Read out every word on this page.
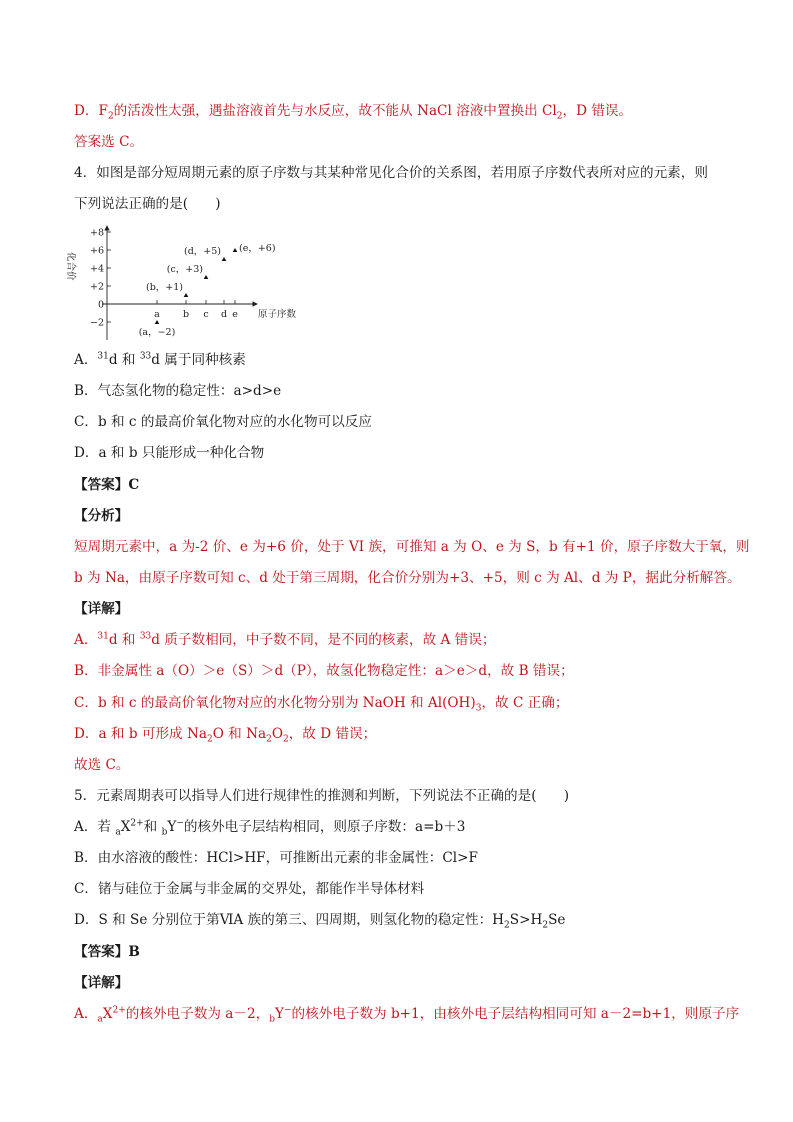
D．$F_2$的活泼性太强，遇盐溶液首先与水反应，故不能从 NaCl 溶液中置换出 $Cl_2$，D 错误。
答案选 C。
4．如图是部分短周期元素的原子序数与其某种常见化合价的关系图，若用原子序数代表所对应的元素，则
下列说法正确的是(　　)
化合价
+8
+6
+4
+2
0
−2
a b c d e
(a，−2)
(b，+1)
(c，+3)
(d，+5) (e，+6)
原子序数
A．$^{31}$d 和 $^{33}$d 属于同种核素
B．气态氢化物的稳定性：a>d>e
C．b 和 c 的最高价氧化物对应的水化物可以反应
D．a 和 b 只能形成一种化合物
【答案】C
【分析】
短周期元素中，a 为-2 价、e 为+6 价，处于 VI 族，可推知 a 为 O、e 为 S，b 有+1 价，原子序数大于氧，则
b 为 Na，由原子序数可知 c、d 处于第三周期，化合价分别为+3、+5，则 c 为 Al、d 为 P，据此分析解答。
【详解】
A．$^{31}$d 和 $^{33}$d 质子数相同，中子数不同，是不同的核素，故 A 错误；
B．非金属性 a（O）＞e（S）＞d（P），故氢化物稳定性：a＞e＞d，故 B 错误；
C．b 和 c 的最高价氧化物对应的水化物分别为 NaOH 和 $Al(OH)_3$，故 C 正确；
D．a 和 b 可形成 $Na_2O$ 和 $Na_2O_2$，故 D 错误；
故选 C。
5．元素周期表可以指导人们进行规律性的推测和判断，下列说法不正确的是(　　)
A．若 $_aX^{2+}$和 $_b$Y−的核外电子层结构相同，则原子序数：a=b＋3
B．由水溶液的酸性：HCl>HF，可推断出元素的非金属性：Cl>F
C．锗与硅位于金属与非金属的交界处，都能作半导体材料
D．S 和 Se 分别位于第ⅥA 族的第三、四周期，则氢化物的稳定性：$H_2S>H_2Se$
【答案】B
【详解】
A．$_aX^{2+}$的核外电子数为 a－2，$_b$Y−的核外电子数为 b+1，由核外电子层结构相同可知 a－2=b+1，则原子序
